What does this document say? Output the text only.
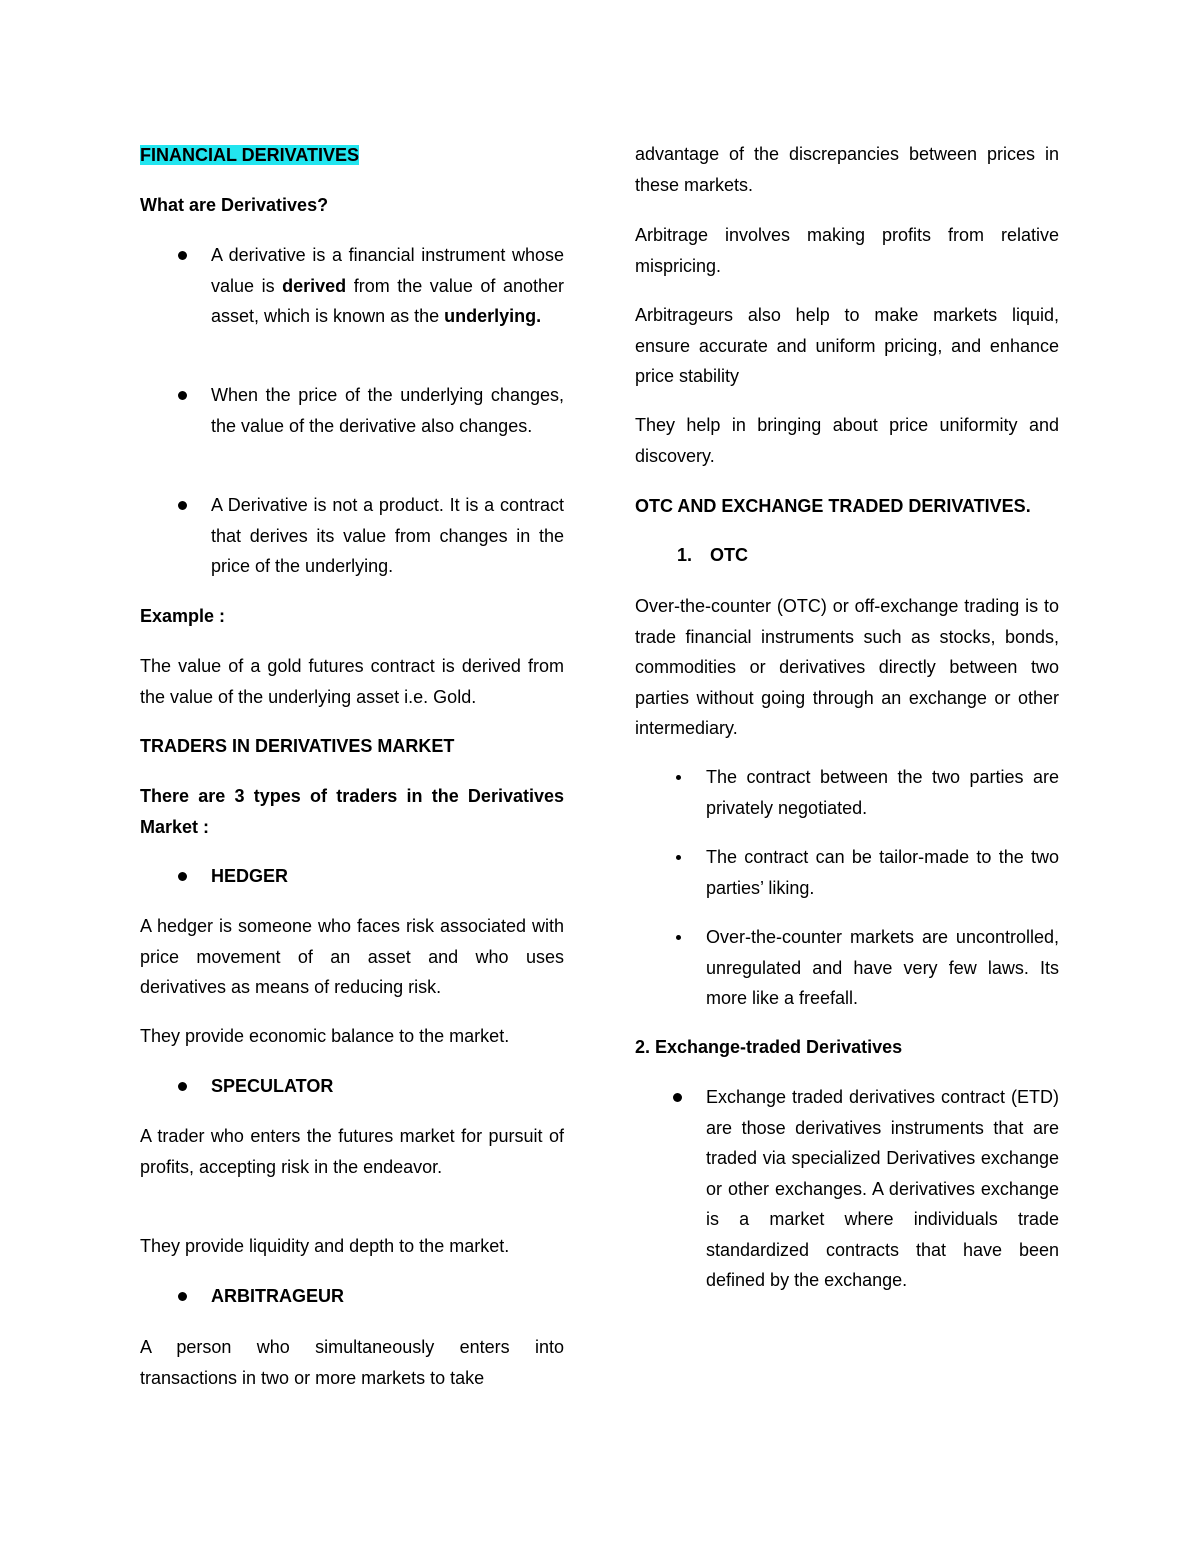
FINANCIAL DERIVATIVES

What are Derivatives?

A derivative is a financial instrument whose value is derived from the value of another asset, which is known as the underlying.
When the price of the underlying changes, the value of the derivative also changes.
A Derivative is not a product. It is a contract that derives its value from changes in the price of the underlying.

Example :

The value of a gold futures contract is derived from the value of the underlying asset i.e. Gold.

TRADERS IN DERIVATIVES MARKET

There are 3 types of traders in the Derivatives Market :

HEDGER

A hedger is someone who faces risk associated with price movement of an asset and who uses derivatives as means of reducing risk.

They provide economic balance to the market.

SPECULATOR

A trader who enters the futures market for pursuit of profits, accepting risk in the endeavor.

They provide liquidity and depth to the market.

ARBITRAGEUR

A person who simultaneously enters into transactions in two or more markets to take

advantage of the discrepancies between prices in these markets.

Arbitrage involves making profits from relative mispricing.

Arbitrageurs also help to make markets liquid, ensure accurate and uniform pricing, and enhance price stability

They help in bringing about price uniformity and discovery.

OTC AND EXCHANGE TRADED DERIVATIVES.

1. OTC

Over-the-counter (OTC) or off-exchange trading is to trade financial instruments such as stocks, bonds, commodities or derivatives directly between two parties without going through an exchange or other intermediary.

The contract between the two parties are privately negotiated.
The contract can be tailor-made to the two parties’ liking.
Over-the-counter markets are uncontrolled, unregulated and have very few laws. Its more like a freefall.

2. Exchange-traded Derivatives

Exchange traded derivatives contract (ETD) are those derivatives instruments that are traded via specialized Derivatives exchange or other exchanges. A derivatives exchange is a market where individuals trade standardized contracts that have been defined by the exchange.
